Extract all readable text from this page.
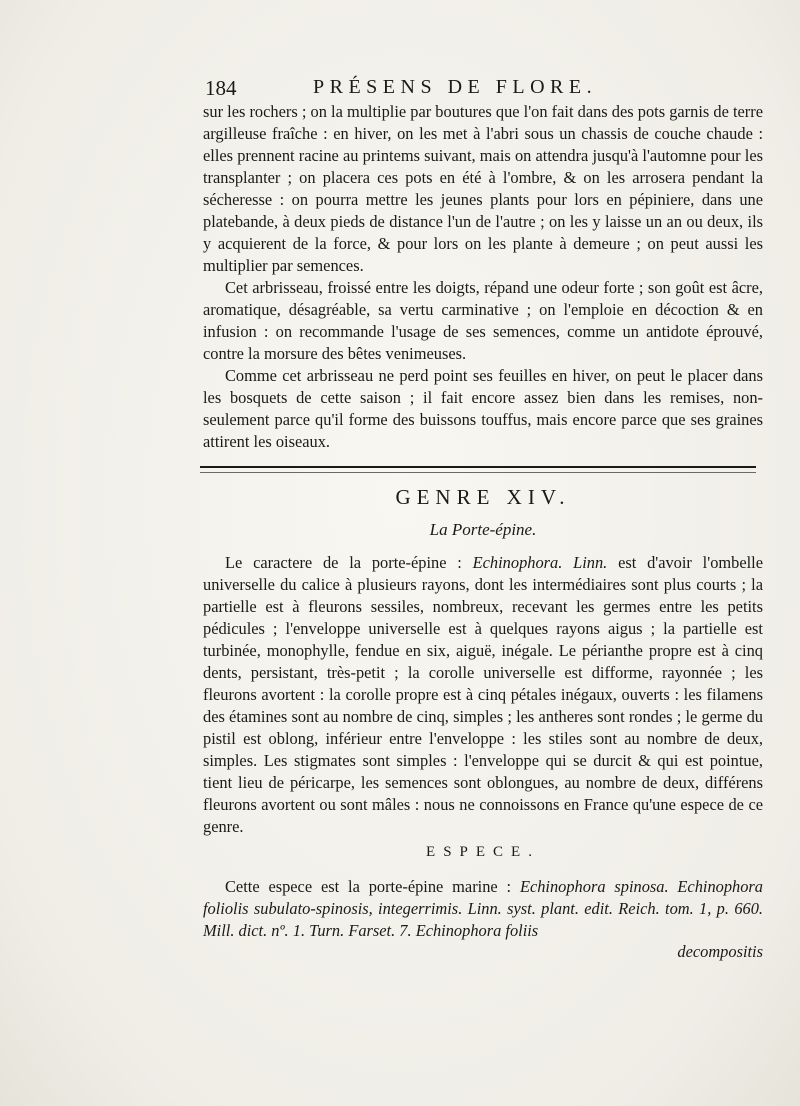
184	PRÉSENS DE FLORE.

sur les rochers ; on la multiplie par boutures que l'on fait dans des pots garnis de terre argilleuse fraîche : en hiver, on les met à l'abri sous un chassis de couche chaude : elles prennent racine au printems suivant, mais on attendra jusqu'à l'automne pour les transplanter ; on placera ces pots en été à l'ombre, & on les arrosera pendant la sécheresse : on pourra mettre les jeunes plants pour lors en pépiniere, dans une platebande, à deux pieds de distance l'un de l'autre ; on les y laisse un an ou deux, ils y acquierent de la force, & pour lors on les plante à demeure ; on peut aussi les multiplier par semences.

Cet arbrisseau, froissé entre les doigts, répand une odeur forte ; son goût est âcre, aromatique, désagréable, sa vertu carminative ; on l'emploie en décoction & en infusion : on recommande l'usage de ses semences, comme un antidote éprouvé, contre la morsure des bêtes venimeuses.

Comme cet arbrisseau ne perd point ses feuilles en hiver, on peut le placer dans les bosquets de cette saison ; il fait encore assez bien dans les remises, non-seulement parce qu'il forme des buissons touffus, mais encore parce que ses graines attirent les oiseaux.

GENRE XIV.
La Porte-épine.

Le caractere de la porte-épine : Echinophora. Linn. est d'avoir l'ombelle universelle du calice à plusieurs rayons, dont les intermédiaires sont plus courts ; la partielle est à fleurons sessiles, nombreux, recevant les germes entre les petits pédicules ; l'enveloppe universelle est à quelques rayons aigus ; la partielle est turbinée, monophylle, fendue en six, aiguë, inégale. Le périanthe propre est à cinq dents, persistant, très-petit ; la corolle universelle est difforme, rayonnée ; les fleurons avortent : la corolle propre est à cinq pétales inégaux, ouverts : les filamens des étamines sont au nombre de cinq, simples ; les antheres sont rondes ; le germe du pistil est oblong, inférieur entre l'enveloppe : les stiles sont au nombre de deux, simples. Les stigmates sont simples : l'enveloppe qui se durcit & qui est pointue, tient lieu de péricarpe, les semences sont oblongues, au nombre de deux, différens fleurons avortent ou sont mâles : nous ne connoissons en France qu'une espece de ce genre.

ESPECE.

Cette espece est la porte-épine marine : Echinophora spinosa. Echinophora foliolis subulato-spinosis, integerrimis. Linn. syst. plant. edit. Reich. tom. 1, p. 660. Mill. dict. nº. 1. Turn. Farset. 7. Echinophora foliis

decompositis
